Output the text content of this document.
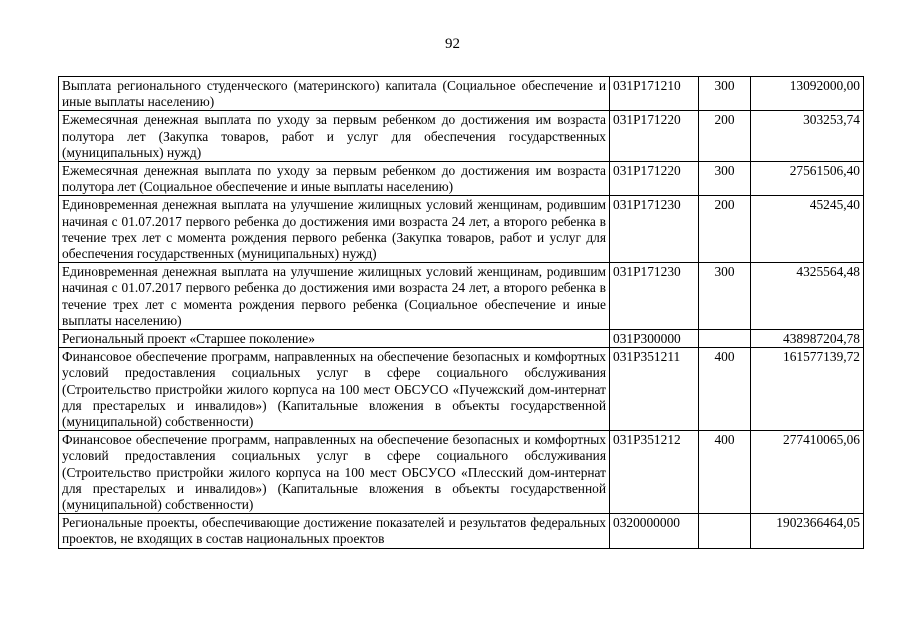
92
Выплата регионального студенческого (материнского) капитала (Социальное обеспечение и иные выплаты населению)	031P171210	300	13092000,00
Ежемесячная денежная выплата по уходу за первым ребенком до достижения им возраста полутора лет (Закупка товаров, работ и услуг для обеспечения государственных (муниципальных) нужд)	031P171220	200	303253,74
Ежемесячная денежная выплата по уходу за первым ребенком до достижения им возраста полутора лет (Социальное обеспечение и иные выплаты населению)	031P171220	300	27561506,40
Единовременная денежная выплата на улучшение жилищных условий женщинам, родившим начиная с 01.07.2017 первого ребенка до достижения ими возраста 24 лет, а второго ребенка в течение трех лет с момента рождения первого ребенка (Закупка товаров, работ и услуг для обеспечения государственных (муниципальных) нужд)	031P171230	200	45245,40
Единовременная денежная выплата на улучшение жилищных условий женщинам, родившим начиная с 01.07.2017 первого ребенка до достижения ими возраста 24 лет, а второго ребенка в течение трех лет с момента рождения первого ребенка (Социальное обеспечение и иные выплаты населению)	031P171230	300	4325564,48
Региональный проект «Старшее поколение»	031P300000		438987204,78
Финансовое обеспечение программ, направленных на обеспечение безопасных и комфортных условий предоставления социальных услуг в сфере социального обслуживания (Строительство пристройки жилого корпуса на 100 мест ОБСУСО «Пучежский дом-интернат для престарелых и инвалидов») (Капитальные вложения в объекты государственной (муниципальной) собственности)	031P351211	400	161577139,72
Финансовое обеспечение программ, направленных на обеспечение безопасных и комфортных условий предоставления социальных услуг в сфере социального обслуживания (Строительство пристройки жилого корпуса на 100 мест ОБСУСО «Плесский дом-интернат для престарелых и инвалидов») (Капитальные вложения в объекты государственной (муниципальной) собственности)	031P351212	400	277410065,06
Региональные проекты, обеспечивающие достижение показателей и результатов федеральных проектов, не входящих в состав национальных проектов	0320000000		1902366464,05
